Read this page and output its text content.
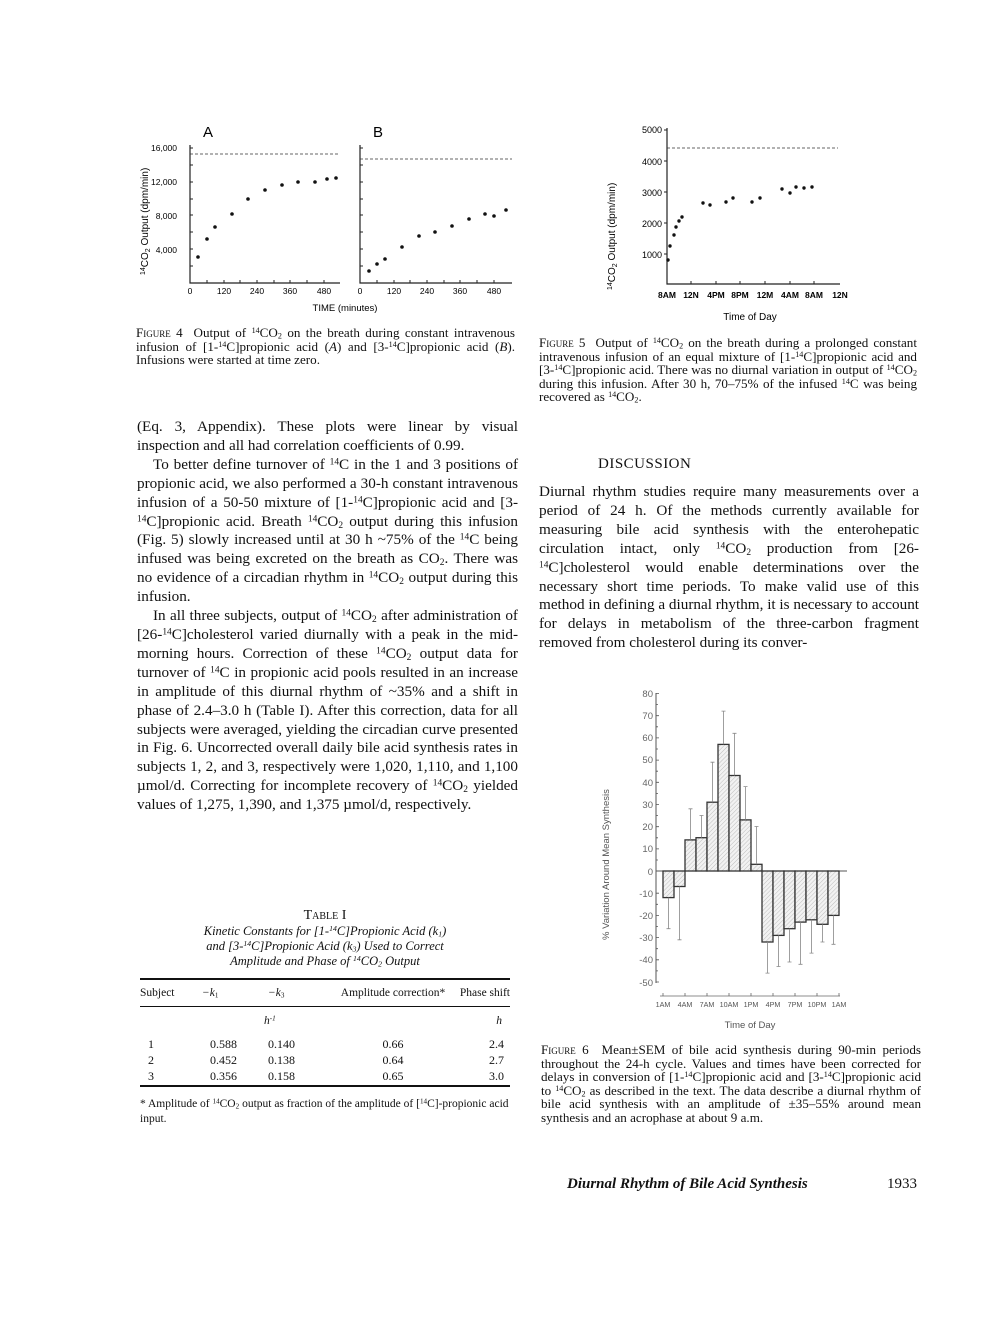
A	B
$^{14}CO_2$ Output (dpm/min)
16,000
12,000
8,000
4,000
0	120 240 360 480	0	120 240 360 480
TIME (minutes)
Figure 4 Output of $^{14}CO_2$ on the breath during constant intravenous infusion of [1-$^{14}$C]propionic acid (A) and [3-$^{14}$C]propionic acid (B). Infusions were started at time zero.
$^{14}CO_2$ Output (dpm/min)
5000
4000
3000
2000
1000
8AM 12N 4PM 8PM 12M 4AM 8AM 12N
Time of Day
Figure 5 Output of $^{14}CO_2$ on the breath during a prolonged constant intravenous infusion of an equal mixture of [1-$^{14}$C]propionic acid and [3-$^{14}$C]propionic acid. There was no diurnal variation in output of $^{14}CO_2$ during this infusion. After 30 h, 70–75% of the infused $^{14}$C was being recovered as $^{14}CO_2$.

(Eq. 3, Appendix). These plots were linear by visual inspection and all had correlation coefficients of 0.99.

To better define turnover of $^{14}$C in the 1 and 3 positions of propionic acid, we also performed a 30-h constant intravenous infusion of a 50-50 mixture of [1-$^{14}$C]propionic acid and [3-$^{14}$C]propionic acid. Breath $^{14}CO_2$ output during this infusion (Fig. 5) slowly increased until at 30 h ~75% of the $^{14}$C being infused was being excreted on the breath as $CO_2$. There was no evidence of a circadian rhythm in $^{14}CO_2$ output during this infusion.

In all three subjects, output of $^{14}CO_2$ after administration of [26-$^{14}$C]cholesterol varied diurnally with a peak in the mid-morning hours. Correction of these $^{14}CO_2$ output data for turnover of $^{14}$C in propionic acid pools resulted in an increase in amplitude of this diurnal rhythm of ~35% and a shift in phase of 2.4–3.0 h (Table I). After this correction, data for all subjects were averaged, yielding the circadian curve presented in Fig. 6. Uncorrected overall daily bile acid synthesis rates in subjects 1, 2, and 3, respectively were 1,020, 1,110, and 1,100 µmol/d. Correcting for incomplete recovery of $^{14}CO_2$ yielded values of 1,275, 1,390, and 1,375 µmol/d, respectively.

Table I
Kinetic Constants for [1-$^{14}$C]Propionic Acid $(k_1)$
and [3-$^{14}$C]Propionic Acid $(k_3)$ Used to Correct
Amplitude and Phase of $^{14}CO_2$ Output
Subject	$-k_1$	$-k_3$	Amplitude correction*	Phase shift
	$h^{-1}$			h
1	0.588	0.140	0.66	2.4
2	0.452	0.138	0.64	2.7
3	0.356	0.158	0.65	3.0
* Amplitude of $^{14}CO_2$ output as fraction of the amplitude of [$^{14}$C]-propionic acid input.
DISCUSSION

Diurnal rhythm studies require many measurements over a period of 24 h. Of the methods currently available for measuring bile acid synthesis with the enterohepatic circulation intact, only $^{14}CO_2$ production from [26-$^{14}$C]cholesterol would enable determinations over the necessary short time periods. To make valid use of this method in defining a diurnal rhythm, it is necessary to account for delays in metabolism of the three-carbon fragment removed from cholesterol during its conver-

% Variation Around Mean Synthesis
80
70
60
50
40
30
20
10
0
-10
-20
-30
-40
-50
1AM 4AM 7AM 10AM 1PM 4PM 7PM 10PM 1AM
Time of Day
Figure 6 Mean±SEM of bile acid synthesis during 90-min periods throughout the 24-h cycle. Values and times have been corrected for delays in conversion of [1-$^{14}$C]propionic acid and [3-$^{14}$C]propionic acid to $^{14}CO_2$ as described in the text. The data describe a diurnal rhythm of bile acid synthesis with an amplitude of ±35–55% around mean synthesis and an acrophase at about 9 a.m.
Diurnal Rhythm of Bile Acid Synthesis	1933
